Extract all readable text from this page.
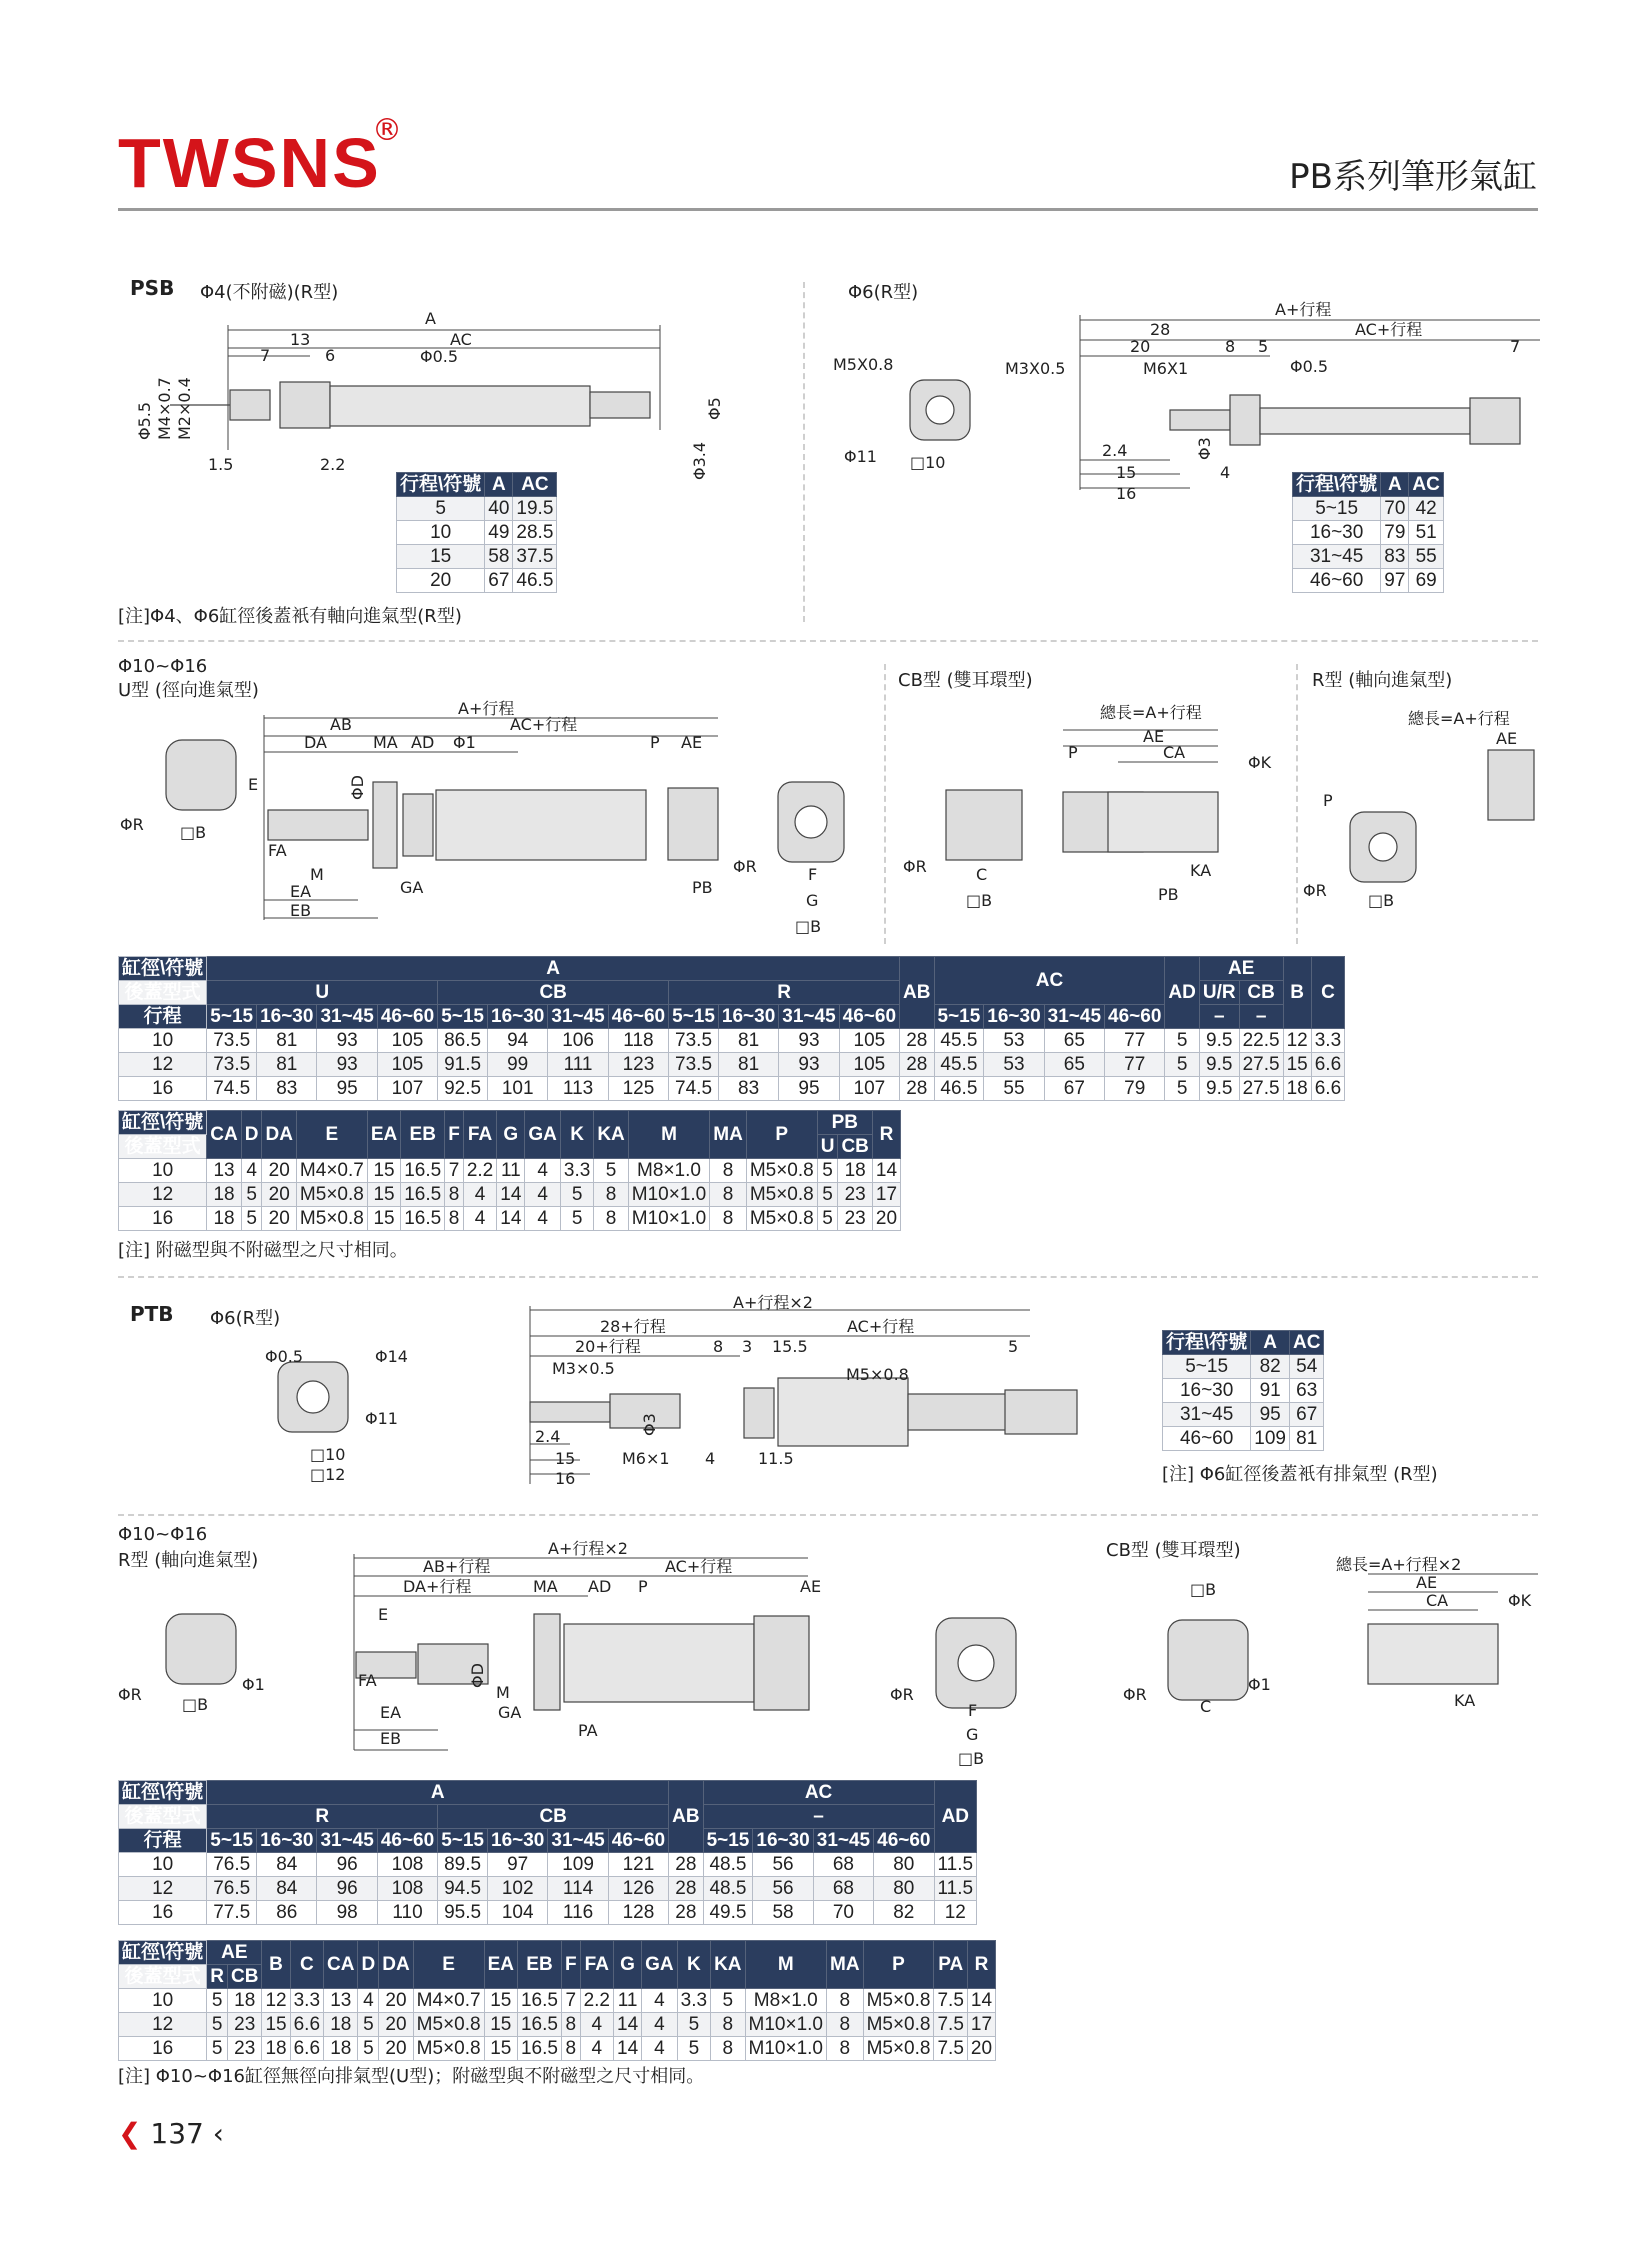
TWSNS
®
PB系列筆形氣缸
PSB Φ4(不附磁)(R型)	Φ6(R型)
A
13	AC
7	6	Φ0.5
Φ5.5 M4×0.7 M2×0.4	Φ5
1.5	2.2	Φ3.4
行程\符號	A	AC
5	40	19.5
10	49	28.5
15	58	37.5
20	67	46.5
M5X0.8
Φ11 □10
A+行程
28	AC+行程
20	8 5	7
M3X0.5	M6X1	Φ0.5
2.4
15
16
Φ3
4
行程\符號	A	AC
5~15	70	42
16~30	79	51
31~45	83	55
46~60	97	69
[注]Φ4、Φ6缸徑後蓋衹有軸向進氣型(R型)
Φ10~Φ16
U型 (徑向進氣型)	CB型 (雙耳環型)	R型 (軸向進氣型)
A+行程
AB	AC+行程
DA	MA AD Φ1	P AE
E	ΦD
FA
M
EA
EB
GA	PB
ΦR □B
ΦR	F
G
□B
總長=A+行程
AE
CA
P
ΦK
KA
PB
ΦR	C
□B
總長=A+行程
AE
P
ΦR
□B
缸徑\符號	A												AB	AC				AD	AE		B	C
後蓋型式	U				CB				R										U/R	CB		
行程	5~15	16~30	31~45	46~60	5~15	16~30	31~45	46~60	5~15	16~30	31~45	46~60		5~15	16~30	31~45	46~60		–	–		
10	73.5	81	93	105	86.5	94	106	118	73.5	81	93	105	28	45.5	53	65	77	5	9.5	22.5	12	3.3
12	73.5	81	93	105	91.5	99	111	123	73.5	81	93	105	28	45.5	53	65	77	5	9.5	27.5	15	6.6
16	74.5	83	95	107	92.5	101	113	125	74.5	83	95	107	28	46.5	55	67	79	5	9.5	27.5	18	6.6
缸徑\符號	CA	D	DA	E	EA	EB	F	FA	G	GA	K	KA	M	MA	P	PB		R
後蓋型式																U	CB	
10	13	4	20	M4×0.7	15	16.5	7	2.2	11	4	3.3	5	M8×1.0	8	M5×0.8	5	18	14
12	18	5	20	M5×0.8	15	16.5	8	4	14	4	5	8	M10×1.0	8	M5×0.8	5	23	17
16	18	5	20	M5×0.8	15	16.5	8	4	14	4	5	8	M10×1.0	8	M5×0.8	5	23	20
[注] 附磁型與不附磁型之尺寸相同。
PTB Φ6(R型)
Φ0.5	Φ14
Φ11
□10
□12
A+行程×2
28+行程	AC+行程
20+行程	8 3 15.5	5
M3×0.5	M5×0.8
Φ3
2.4
15
16
M6×1 4	11.5
行程\符號	A	AC
5~15	82	54
16~30	91	63
31~45	95	67
46~60	109	81
[注] Φ6缸徑後蓋衹有排氣型 (R型)
Φ10~Φ16
R型 (軸向進氣型)	CB型 (雙耳環型)
A+行程×2
AB+行程	AC+行程
DA+行程	MA AD P	AE
E
ΦD
FA
M
GA
EA
EB	PA
ΦR
□B
Φ1
ΦR
F
G
□B
□B
ΦR
C
Φ1
總長=A+行程×2
AE
CA	ΦK
KA
缸徑\符號	A								AB	AC				AD
後蓋型式	R				CB					–				
行程	5~15	16~30	31~45	46~60	5~15	16~30	31~45	46~60		5~15	16~30	31~45	46~60	
10	76.5	84	96	108	89.5	97	109	121	28	48.5	56	68	80	11.5
12	76.5	84	96	108	94.5	102	114	126	28	48.5	56	68	80	11.5
16	77.5	86	98	110	95.5	104	116	128	28	49.5	58	70	82	12
缸徑\符號	AE		B	C	CA	D	DA	E	EA	EB	F	FA	G	GA	K	KA	M	MA	P	PA	R
後蓋型式	R	CB																			
10	5	18	12	3.3	13	4	20	M4×0.7	15	16.5	7	2.2	11	4	3.3	5	M8×1.0	8	M5×0.8	7.5	14
12	5	23	15	6.6	18	5	20	M5×0.8	15	16.5	8	4	14	4	5	8	M10×1.0	8	M5×0.8	7.5	17
16	5	23	18	6.6	18	5	20	M5×0.8	15	16.5	8	4	14	4	5	8	M10×1.0	8	M5×0.8	7.5	20
[注] Φ10~Φ16缸徑無徑向排氣型(U型)；附磁型與不附磁型之尺寸相同。
❮ 137 ‹
